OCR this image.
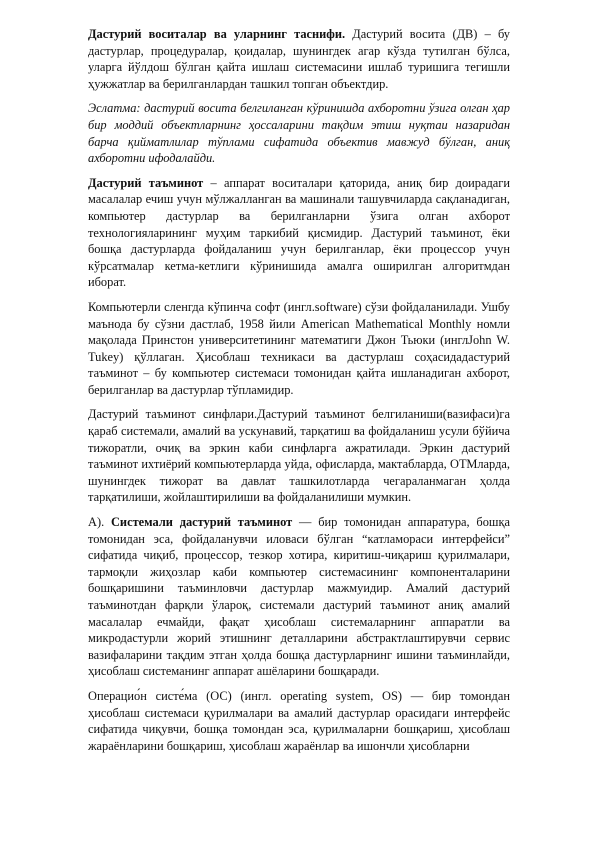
Дастурий воситалар ва уларнинг таснифи. Дастурий восита (ДВ) – бу дастурлар, процедуралар, қоидалар, шунингдек агар кўзда тутилган бўлса, уларга йўлдош бўлган қайта ишлаш системасини ишлаб туришига тегишли ҳужжатлар ва берилганлардан ташкил топган объектдир.

Эслатма: дастурий восита белгиланган кўринишда ахборотни ўзига олган ҳар бир моддий объектларнинг ҳоссаларини тақдим этиш нуқтаи назаридан барча қийматлилар тўплами сифатида объектив мавжуд бўлган, аниқ ахборотни ифодалайди.

Дастурий таъминот – аппарат воситалари қаторида, аниқ бир доирадаги масалалар ечиш учун мўлжалланган ва машинали ташувчиларда сақланадиган, компьютер дастурлар ва берилганларни ўзига олган ахборот технологияларининг муҳим таркибий қисмидир. Дастурий таъминот, ёки бошқа дастурларда фойдаланиш учун берилганлар, ёки процессор учун кўрсатмалар кетма-кетлиги кўринишида амалга оширилган алгоритмдан иборат.

Компьютерли сленгда кўпинча софт (ингл.software) сўзи фойдаланилади. Ушбу маънода бу сўзни дастлаб, 1958 йили American Mathematical Monthly номли мақолада Принстон университетининг математиги Джон Тьюки (инглJohn W. Tukey) қўллаган. Ҳисоблаш техникаси ва дастурлаш соҳасидадастурий таъминот – бу компьютер системаси томонидан қайта ишланадиган ахборот, берилганлар ва дастурлар тўпламидир.

Дастурий таъминот синфлари.Дастурий таъминот белгиланиши(вазифаси)га қараб системали, амалий ва ускунавий, тарқатиш ва фойдаланиш усули бўйича тижоратли, очиқ ва эркин каби синфларга ажратилади. Эркин дастурий таъминот ихтиёрий компьютерларда уйда, офисларда, мактабларда, ОТМларда, шунингдек тижорат ва давлат ташкилотларда чегараланмаган ҳолда тарқатилиши, жойлаштирилиши ва фойдаланилиши мумкин.

А). Системали дастурий таъминот — бир томонидан аппаратура, бошқа томонидан эса, фойдаланувчи иловаси бўлган “катламораси интерфейси” сифатида чиқиб, процессор, тезкор хотира, киритиш-чиқариш қурилмалари, тармоқли жиҳозлар каби компьютер системасининг компоненталарини бошқаришини таъминловчи дастурлар мажмуидир. Амалий дастурий таъминотдан фарқли ўлароқ, системали дастурий таъминот аниқ амалий масалалар ечмайди, фақат ҳисоблаш системаларнинг аппаратли ва микродастурли жорий этишнинг деталларини абстрактлаштирувчи сервис вазифаларини тақдим этган ҳолда бошқа дастурларнинг ишини таъминлайди, ҳисоблаш системанинг аппарат ашёларини бошқаради.

Операцио́н систе́ма (ОС) (ингл. operating system, OS) — бир томондан ҳисоблаш системаси қурилмалари ва амалий дастурлар орасидаги интерфейс сифатида чиқувчи, бошқа томондан эса, қурилмаларни бошқариш, ҳисоблаш жараёнларини бошқариш, ҳисоблаш жараёнлар ва ишончли ҳисобларни
